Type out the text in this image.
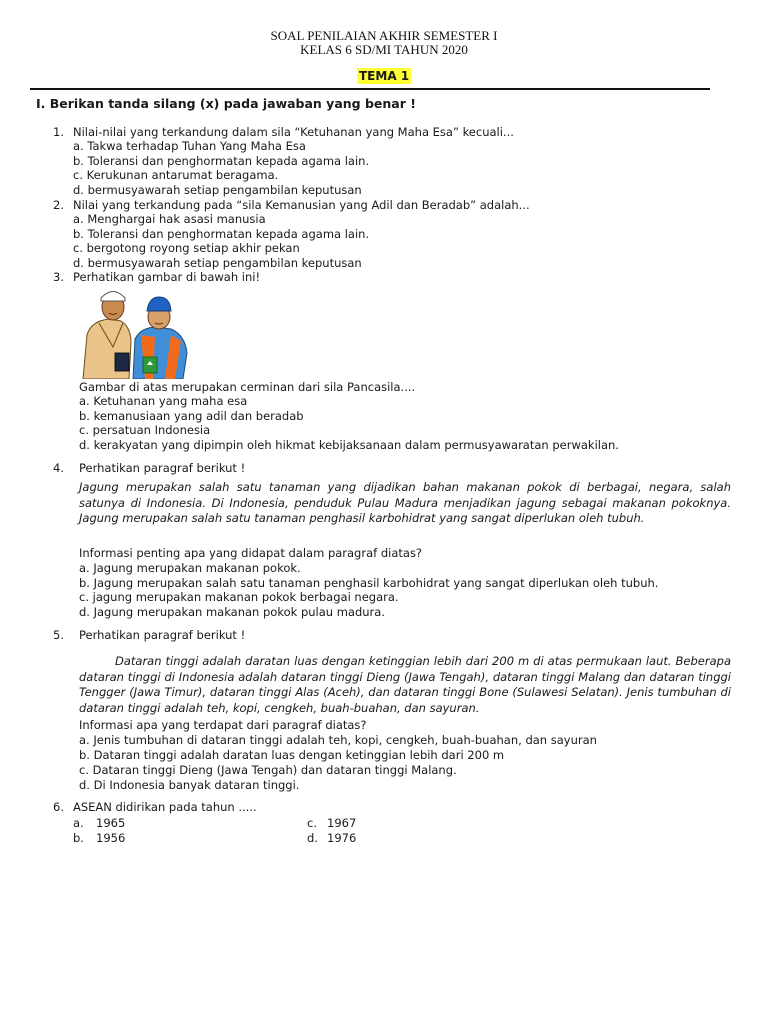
SOAL PENILAIAN AKHIR SEMESTER I
KELAS 6 SD/MI TAHUN 2020
TEMA 1
I. Berikan tanda silang (x) pada jawaban yang benar !
1. Nilai-nilai yang terkandung dalam sila “Ketuhanan yang Maha Esa” kecuali...
a. Takwa terhadap Tuhan Yang Maha Esa
b. Toleransi dan penghormatan kepada agama lain.
c. Kerukunan antarumat beragama.
d. bermusyawarah setiap pengambilan keputusan
2. Nilai yang terkandung pada “sila Kemanusian yang Adil dan Beradab” adalah...
a. Menghargai hak asasi manusia
b. Toleransi dan penghormatan kepada agama lain.
c. bergotong royong setiap akhir pekan
d. bermusyawarah setiap pengambilan keputusan
3. Perhatikan gambar di bawah ini!
Gambar di atas merupakan cerminan dari sila Pancasila....
a. Ketuhanan yang maha esa
b. kemanusiaan yang adil dan beradab
c. persatuan Indonesia
d. kerakyatan yang dipimpin oleh hikmat kebijaksanaan dalam permusyawaratan perwakilan.
4. Perhatikan paragraf berikut !
Jagung merupakan salah satu tanaman yang dijadikan bahan makanan pokok di berbagai, negara, salah satunya di Indonesia. Di Indonesia, penduduk Pulau Madura menjadikan jagung sebagai makanan pokoknya. Jagung merupakan salah satu tanaman penghasil karbohidrat yang sangat diperlukan oleh tubuh.
Informasi penting apa yang didapat dalam paragraf diatas?
a. Jagung merupakan makanan pokok.
b. Jagung merupakan salah satu tanaman penghasil karbohidrat yang sangat diperlukan oleh tubuh.
c. jagung merupakan makanan pokok berbagai negara.
d. Jagung merupakan makanan pokok pulau madura.
5. Perhatikan paragraf berikut !
Dataran tinggi adalah daratan luas dengan ketinggian lebih dari 200 m di atas permukaan laut. Beberapa dataran tinggi di Indonesia adalah dataran tinggi Dieng (Jawa Tengah), dataran tinggi Malang dan dataran tinggi Tengger (Jawa Timur), dataran tinggi Alas (Aceh), dan dataran tinggi Bone (Sulawesi Selatan). Jenis tumbuhan di dataran tinggi adalah teh, kopi, cengkeh, buah-buahan, dan sayuran.
Informasi apa yang terdapat dari paragraf diatas?
a. Jenis tumbuhan di dataran tinggi adalah teh, kopi, cengkeh, buah-buahan, dan sayuran
b. Dataran tinggi adalah daratan luas dengan ketinggian lebih dari 200 m
c. Dataran tinggi Dieng (Jawa Tengah) dan dataran tinggi Malang.
d. Di Indonesia banyak dataran tinggi.
6. ASEAN didirikan pada tahun .....
a. 1965
b. 1956
c. 1967
d. 1976
